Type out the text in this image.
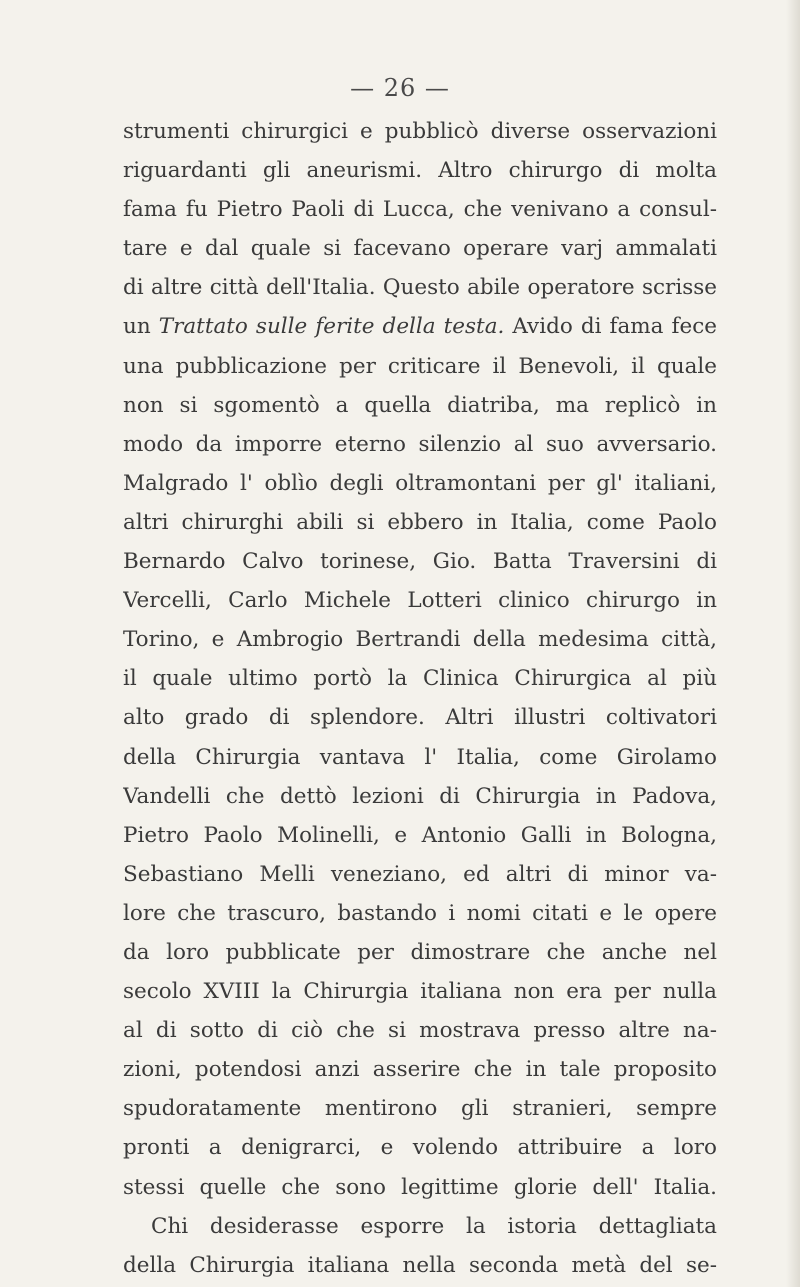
— 26 —
strumenti chirurgici e pubblicò diverse osservazioni
riguardanti gli aneurismi. Altro chirurgo di molta
fama fu Pietro Paoli di Lucca, che venivano a consul-
tare e dal quale si facevano operare varj ammalati
di altre città dell'Italia. Questo abile operatore scrisse
un Trattato sulle ferite della testa. Avido di fama fece
una pubblicazione per criticare il Benevoli, il quale
non si sgomentò a quella diatriba, ma replicò in
modo da imporre eterno silenzio al suo avversario.
Malgrado l' oblìo degli oltramontani per gl' italiani,
altri chirurghi abili si ebbero in Italia, come Paolo
Bernardo Calvo torinese, Gio. Batta Traversini di
Vercelli, Carlo Michele Lotteri clinico chirurgo in
Torino, e Ambrogio Bertrandi della medesima città,
il quale ultimo portò la Clinica Chirurgica al più
alto grado di splendore. Altri illustri coltivatori
della Chirurgia vantava l' Italia, come Girolamo
Vandelli che dettò lezioni di Chirurgia in Padova,
Pietro Paolo Molinelli, e Antonio Galli in Bologna,
Sebastiano Melli veneziano, ed altri di minor va-
lore che trascuro, bastando i nomi citati e le opere
da loro pubblicate per dimostrare che anche nel
secolo XVIII la Chirurgia italiana non era per nulla
al di sotto di ciò che si mostrava presso altre na-
zioni, potendosi anzi asserire che in tale proposito
spudoratamente mentirono gli stranieri, sempre
pronti a denigrarci, e volendo attribuire a loro
stessi quelle che sono legittime glorie dell' Italia.
Chi desiderasse esporre la istoria dettagliata
della Chirurgia italiana nella seconda metà del se-
